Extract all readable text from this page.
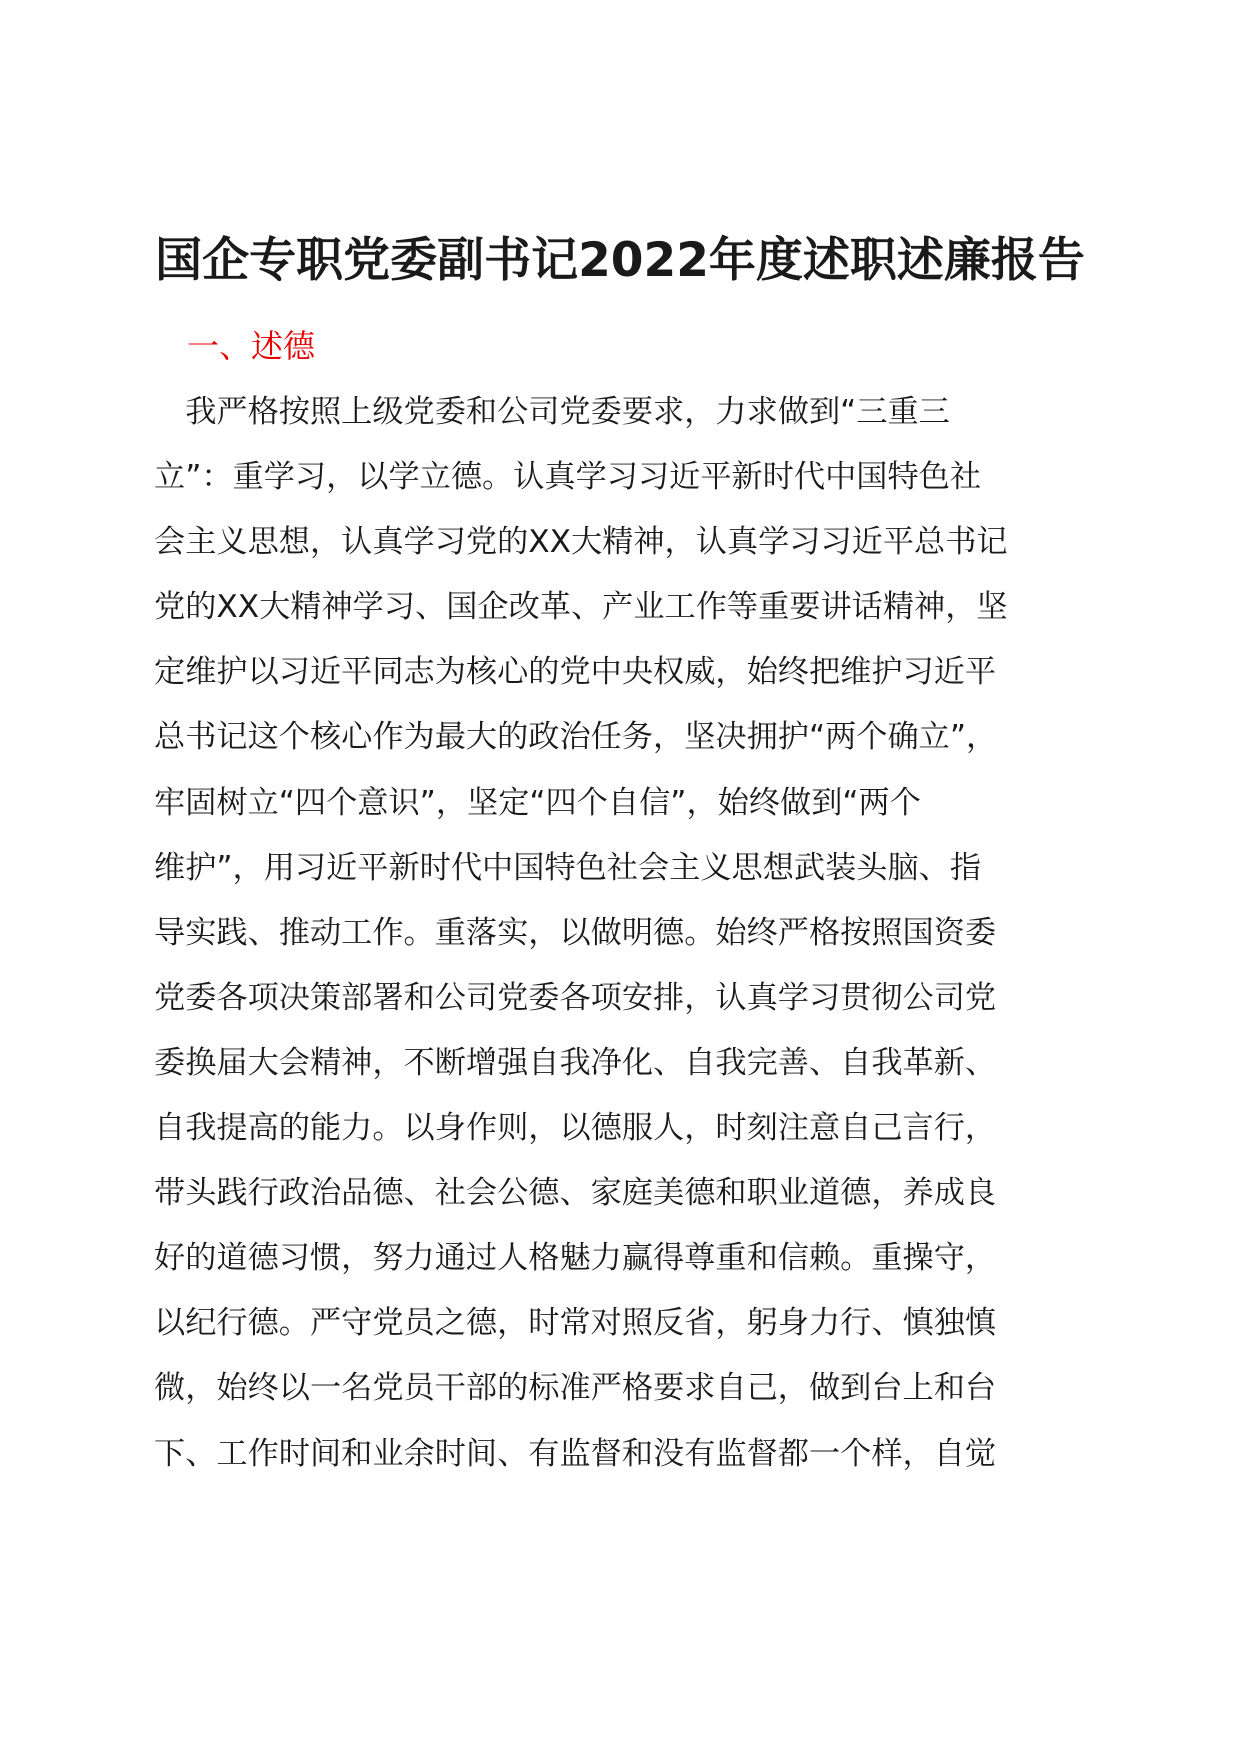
国企专职党委副书记2022年度述职述廉报告
一、述德
　我严格按照上级党委和公司党委要求，力求做到“三重三
立”：重学习，以学立德。认真学习习近平新时代中国特色社
会主义思想，认真学习党的XX大精神，认真学习习近平总书记
党的XX大精神学习、国企改革、产业工作等重要讲话精神，坚
定维护以习近平同志为核心的党中央权威，始终把维护习近平
总书记这个核心作为最大的政治任务，坚决拥护“两个确立”，
牢固树立“四个意识”，坚定“四个自信”，始终做到“两个
维护”，用习近平新时代中国特色社会主义思想武装头脑、指
导实践、推动工作。重落实，以做明德。始终严格按照国资委
党委各项决策部署和公司党委各项安排，认真学习贯彻公司党
委换届大会精神，不断增强自我净化、自我完善、自我革新、
自我提高的能力。以身作则，以德服人，时刻注意自己言行，
带头践行政治品德、社会公德、家庭美德和职业道德，养成良
好的道德习惯，努力通过人格魅力赢得尊重和信赖。重操守，
以纪行德。严守党员之德，时常对照反省，躬身力行、慎独慎
微，始终以一名党员干部的标准严格要求自己，做到台上和台
下、工作时间和业余时间、有监督和没有监督都一个样，自觉
